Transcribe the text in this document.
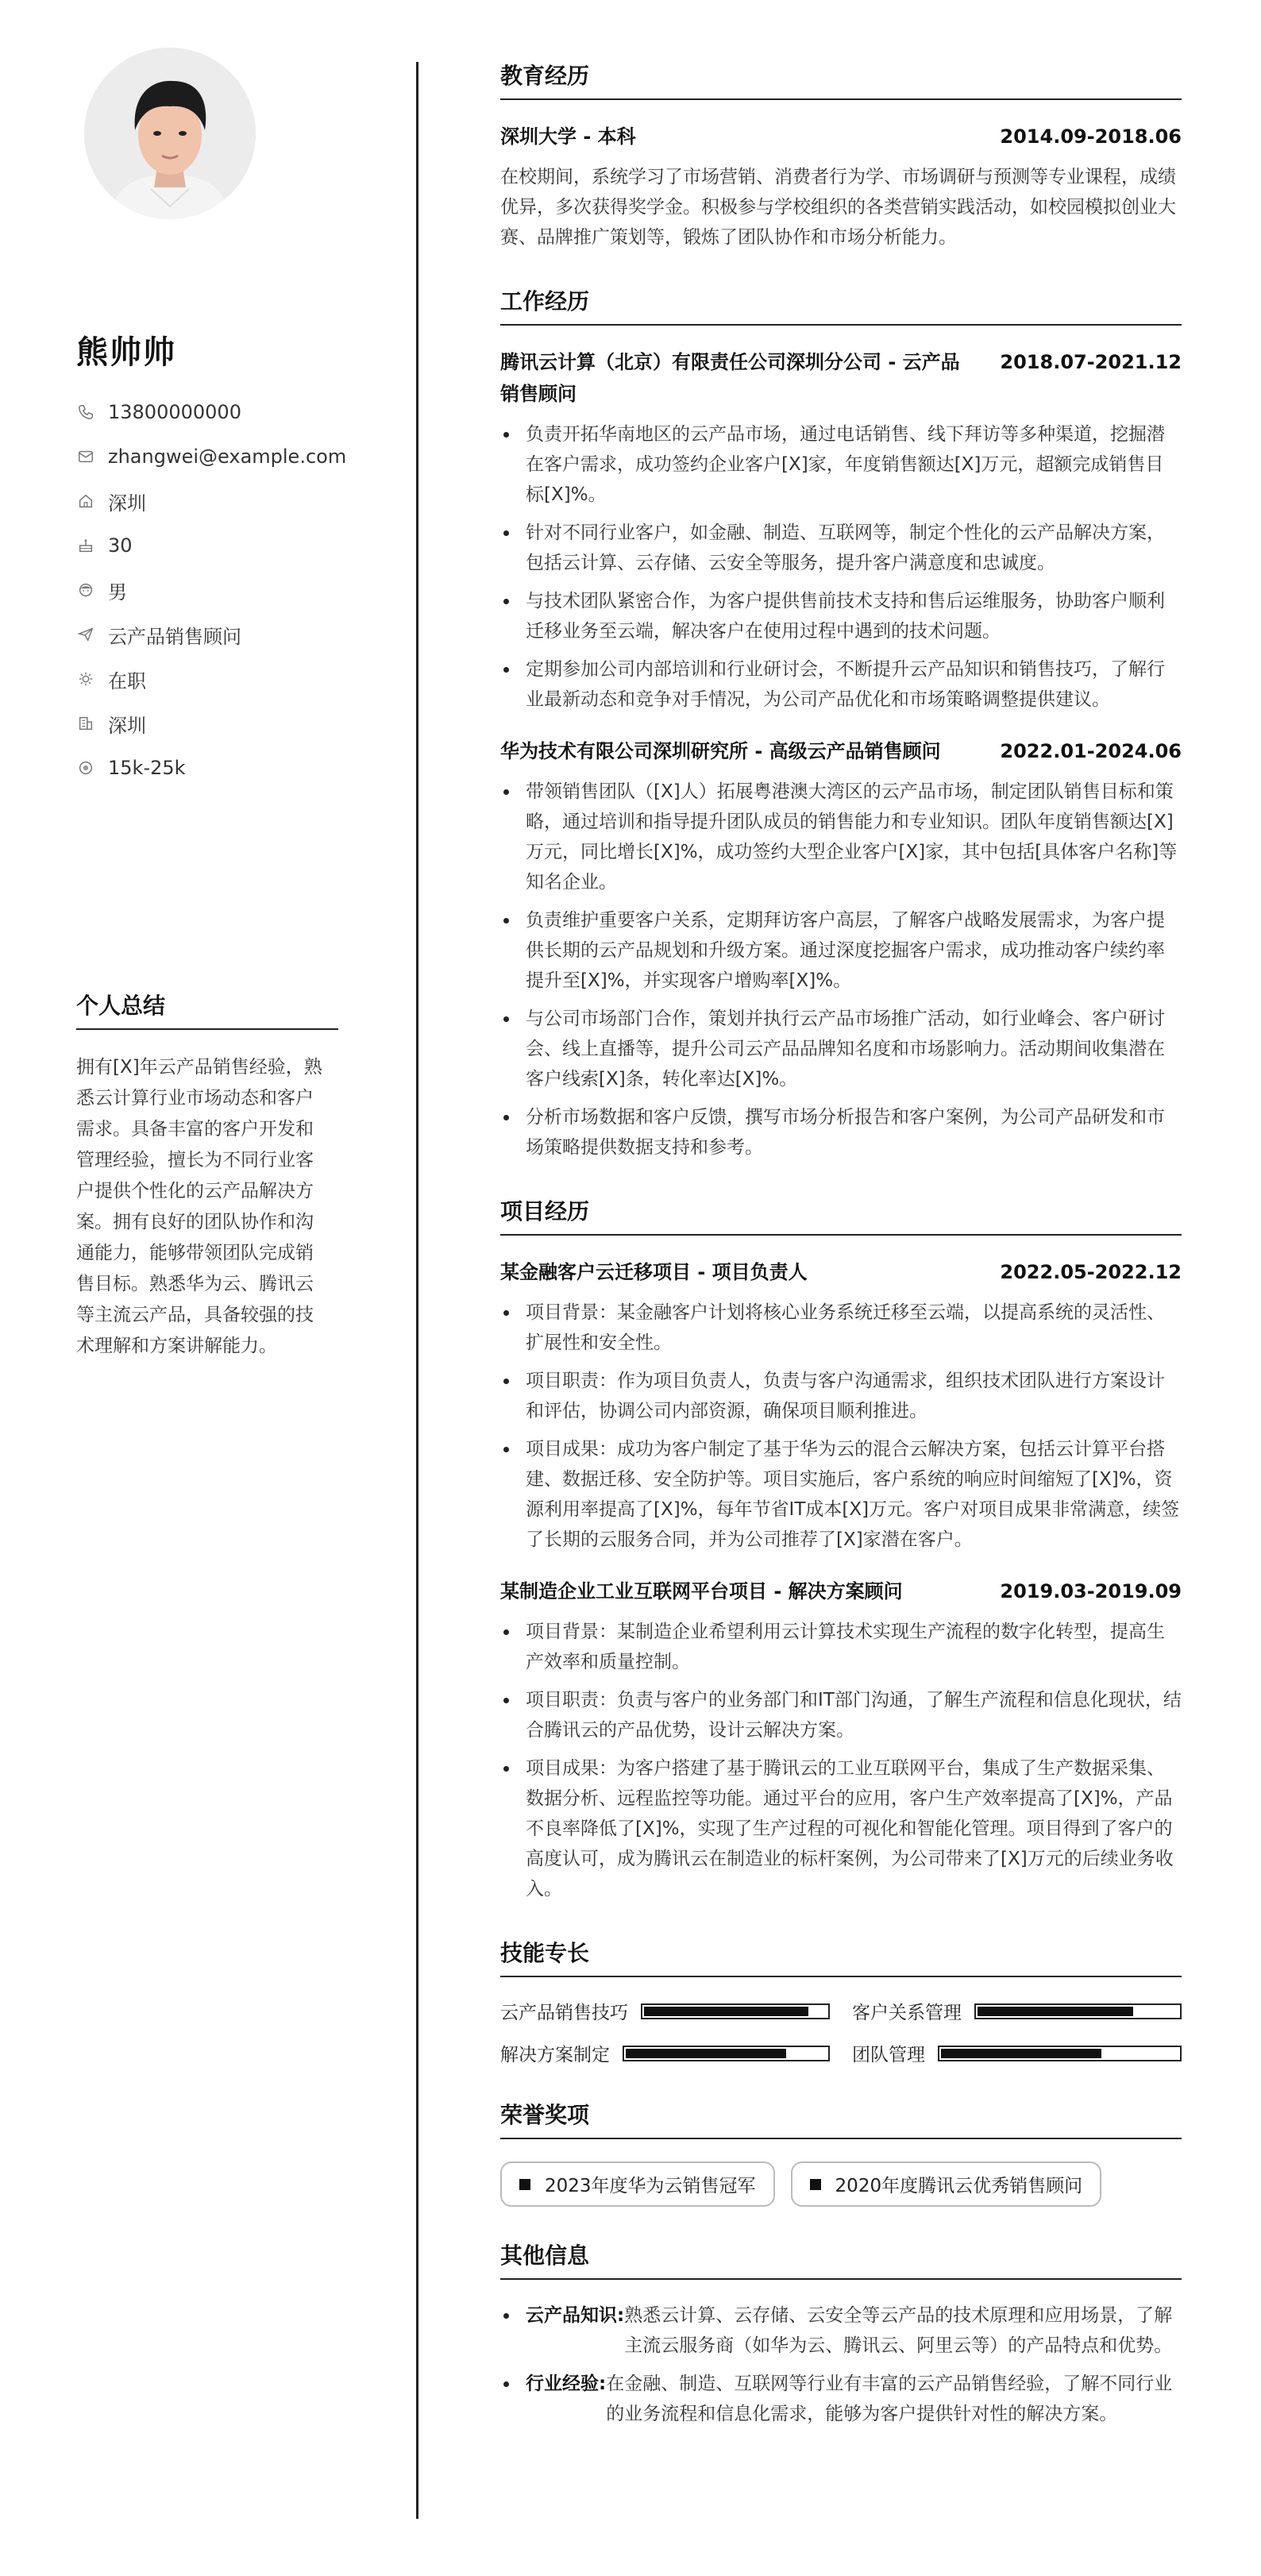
熊帅帅
13800000000
zhangwei@example.com
深圳
30
男
云产品销售顾问
在职
深圳
15k-25k
个人总结
拥有[X]年云产品销售经验，熟悉云计算行业市场动态和客户需求。具备丰富的客户开发和管理经验，擅长为不同行业客户提供个性化的云产品解决方案。拥有良好的团队协作和沟通能力，能够带领团队完成销售目标。熟悉华为云、腾讯云等主流云产品，具备较强的技术理解和方案讲解能力。
教育经历
深圳大学 - 本科	2014.09-2018.06
在校期间，系统学习了市场营销、消费者行为学、市场调研与预测等专业课程，成绩优异，多次获得奖学金。积极参与学校组织的各类营销实践活动，如校园模拟创业大赛、品牌推广策划等，锻炼了团队协作和市场分析能力。
工作经历
腾讯云计算（北京）有限责任公司深圳分公司 - 云产品销售顾问
2018.07-2021.12
负责开拓华南地区的云产品市场，通过电话销售、线下拜访等多种渠道，挖掘潜在客户需求，成功签约企业客户[X]家，年度销售额达[X]万元，超额完成销售目标[X]%。
针对不同行业客户，如金融、制造、互联网等，制定个性化的云产品解决方案，包括云计算、云存储、云安全等服务，提升客户满意度和忠诚度。
与技术团队紧密合作，为客户提供售前技术支持和售后运维服务，协助客户顺利迁移业务至云端，解决客户在使用过程中遇到的技术问题。
定期参加公司内部培训和行业研讨会，不断提升云产品知识和销售技巧，了解行业最新动态和竞争对手情况，为公司产品优化和市场策略调整提供建议。
华为技术有限公司深圳研究所 - 高级云产品销售顾问	2022.01-2024.06
带领销售团队（[X]人）拓展粤港澳大湾区的云产品市场，制定团队销售目标和策略，通过培训和指导提升团队成员的销售能力和专业知识。团队年度销售额达[X]万元，同比增长[X]%，成功签约大型企业客户[X]家，其中包括[具体客户名称]等知名企业。
负责维护重要客户关系，定期拜访客户高层，了解客户战略发展需求，为客户提供长期的云产品规划和升级方案。通过深度挖掘客户需求，成功推动客户续约率提升至[X]%，并实现客户增购率[X]%。
与公司市场部门合作，策划并执行云产品市场推广活动，如行业峰会、客户研讨会、线上直播等，提升公司云产品品牌知名度和市场影响力。活动期间收集潜在客户线索[X]条，转化率达[X]%。
分析市场数据和客户反馈，撰写市场分析报告和客户案例，为公司产品研发和市场策略提供数据支持和参考。
项目经历
某金融客户云迁移项目 - 项目负责人	2022.05-2022.12
项目背景：某金融客户计划将核心业务系统迁移至云端，以提高系统的灵活性、扩展性和安全性。
项目职责：作为项目负责人，负责与客户沟通需求，组织技术团队进行方案设计和评估，协调公司内部资源，确保项目顺利推进。
项目成果：成功为客户制定了基于华为云的混合云解决方案，包括云计算平台搭建、数据迁移、安全防护等。项目实施后，客户系统的响应时间缩短了[X]%，资源利用率提高了[X]%，每年节省IT成本[X]万元。客户对项目成果非常满意，续签了长期的云服务合同，并为公司推荐了[X]家潜在客户。
某制造企业工业互联网平台项目 - 解决方案顾问	2019.03-2019.09
项目背景：某制造企业希望利用云计算技术实现生产流程的数字化转型，提高生产效率和质量控制。
项目职责：负责与客户的业务部门和IT部门沟通，了解生产流程和信息化现状，结合腾讯云的产品优势，设计云解决方案。
项目成果：为客户搭建了基于腾讯云的工业互联网平台，集成了生产数据采集、数据分析、远程监控等功能。通过平台的应用，客户生产效率提高了[X]%，产品不良率降低了[X]%，实现了生产过程的可视化和智能化管理。项目得到了客户的高度认可，成为腾讯云在制造业的标杆案例，为公司带来了[X]万元的后续业务收入。
技能专长
云产品销售技巧	客户关系管理
解决方案制定	团队管理
荣誉奖项
2023年度华为云销售冠军	2020年度腾讯云优秀销售顾问
其他信息
云产品知识: 熟悉云计算、云存储、云安全等云产品的技术原理和应用场景，了解主流云服务商（如华为云、腾讯云、阿里云等）的产品特点和优势。
行业经验: 在金融、制造、互联网等行业有丰富的云产品销售经验，了解不同行业的业务流程和信息化需求，能够为客户提供针对性的解决方案。
